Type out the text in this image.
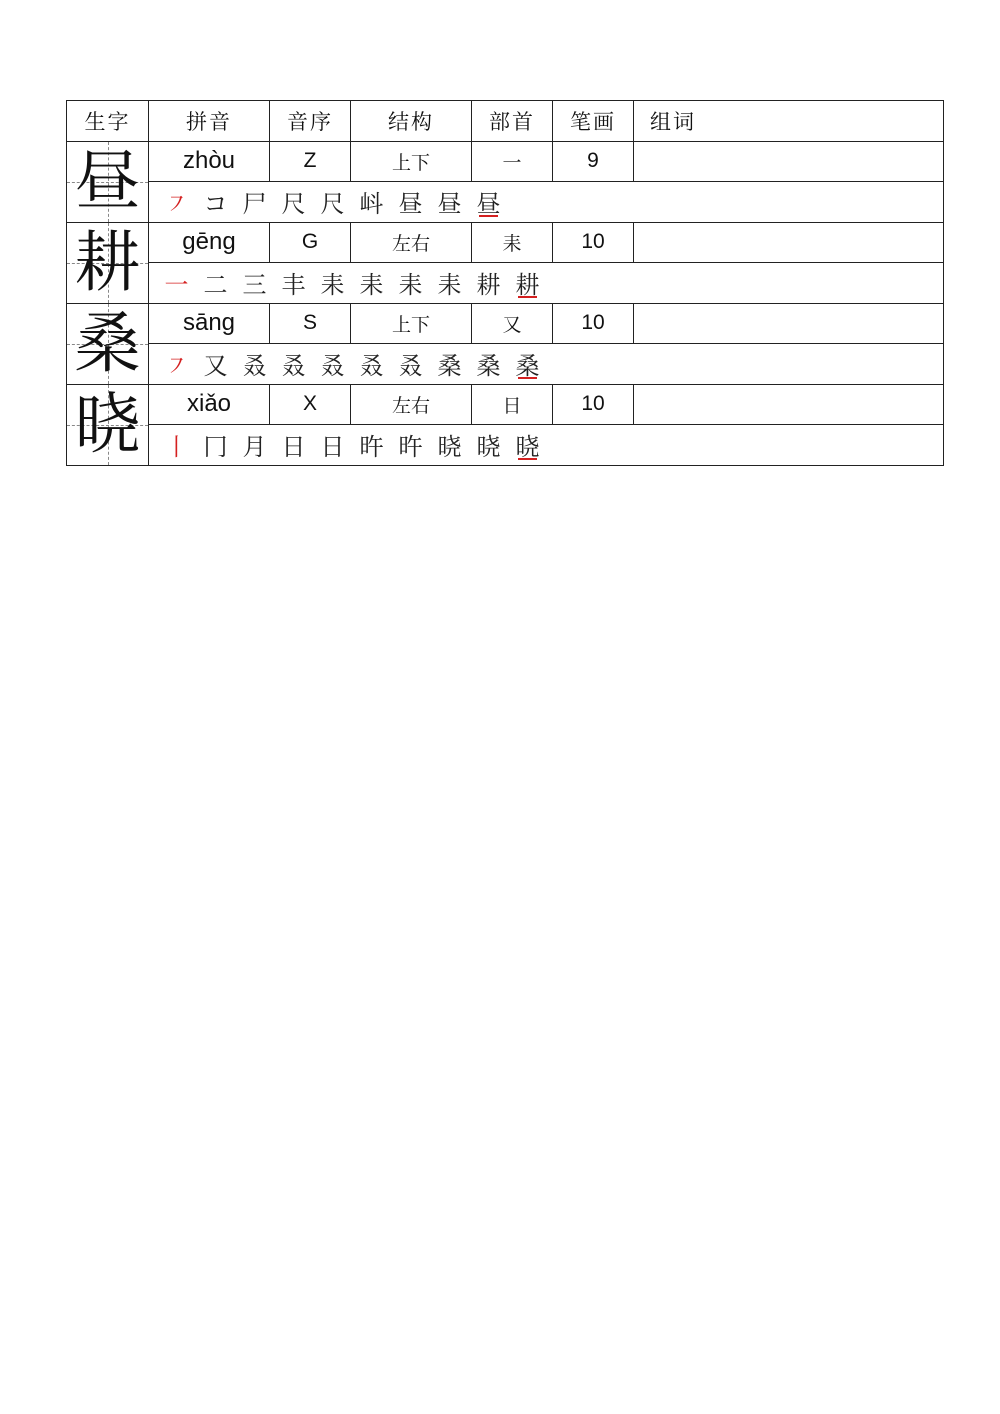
生字	拼音	音序	结构	部首	笔画	组词

昼	zhòu	Z	上下	一	9	
	㇇ コ 尸 尺 尺 㞳 昼 昼 昼					

耕	gēng	G	左右	耒	10	
	一 二 三 丰 耒 耒 耒 耒 耕 耕					

桑	sāng	S	上下	又	10	
	㇇ 又 叒 叒 叒 叒 叒 桑 桑 桑					

晓	xiǎo	X	左右	日	10	
	丨 冂 月 日 日 旿 旿 晓 晓 晓					
